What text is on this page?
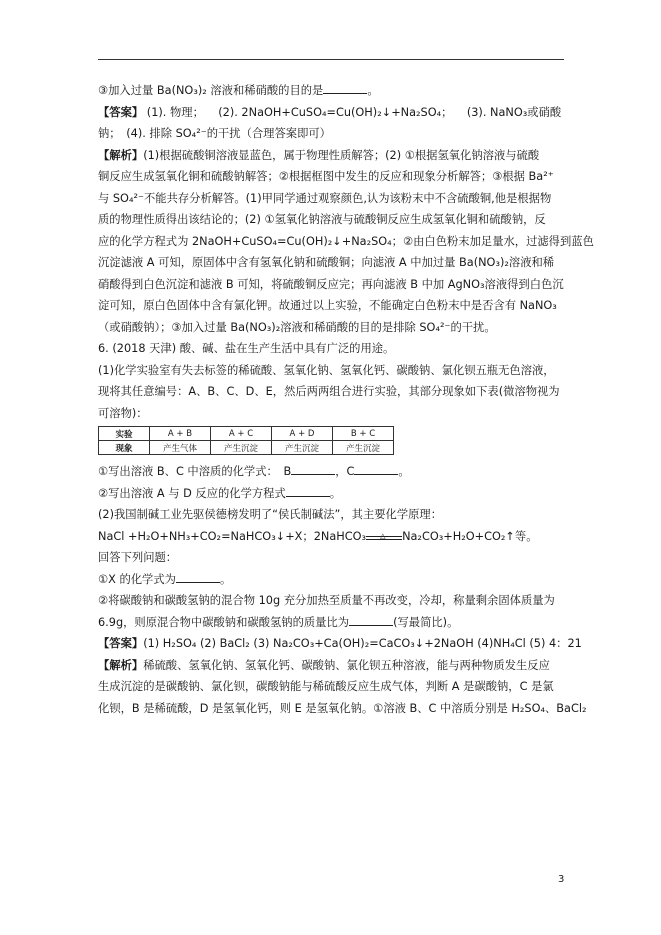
③加入过量 Ba(NO₃)₂ 溶液和稀硝酸的目的是	。

【答案】 (1). 物理； (2). 2NaOH+CuSO₄=Cu(OH)₂↓+Na₂SO₄； (3). NaNO₃或硝酸

钠；　(4). 排除 SO₄²⁻的干扰（合理答案即可）

【解析】(1)根据硫酸铜溶液显蓝色，属于物理性质解答；(2) ①根据氢氧化钠溶液与硫酸

铜反应生成氢氧化铜和硫酸钠解答；②根据框图中发生的反应和现象分析解答；③根据 Ba²⁺

与 SO₄²⁻不能共存分析解答。(1)甲同学通过观察颜色,认为该粉末中不含硫酸铜,他是根据物

质的物理性质得出该结论的；(2) ①氢氧化钠溶液与硫酸铜反应生成氢氧化铜和硫酸钠，反

应的化学方程式为 2NaOH+CuSO₄=Cu(OH)₂↓+Na₂SO₄；②由白色粉末加足量水，过滤得到蓝色

沉淀滤液 A 可知，原固体中含有氢氧化钠和硫酸铜；向滤液 A 中加过量 Ba(NO₃)₂溶液和稀

硝酸得到白色沉淀和滤液 B 可知，将硫酸铜反应完；再向滤液 B 中加 AgNO₃溶液得到白色沉

淀可知，原白色固体中含有氯化钾。故通过以上实验，不能确定白色粉末中是否含有 NaNO₃

（或硝酸钠）；③加入过量 Ba(NO₃)₂溶液和稀硝酸的目的是排除 SO₄²⁻的干扰。

6. (2018 天津) 酸、碱、盐在生产生活中具有广泛的用途。

(1)化学实验室有失去标签的稀硫酸、氢氧化钠、氢氧化钙、碳酸钠、氯化钡五瓶无色溶液，

现将其任意编号：A、B、C、D、E，然后两两组合进行实验，其部分现象如下表(微溶物视为

可溶物)：

实验	A + B	A + C	A + D	B + C
现象	产生气体	产生沉淀	产生沉淀	产生沉淀

①写出溶液 B、C 中溶质的化学式：　B	，C	。

②写出溶液 A 与 D 反应的化学方程式	。

(2)我国制碱工业先驱侯德榜发明了“侯氏制碱法”，其主要化学原理：

NaCl +H₂O+NH₃+CO₂=NaHCO₃↓+X；2NaHCO₃	Na₂CO₃+H₂O+CO₂↑等。

回答下列问题：

①X 的化学式为	。

②将碳酸钠和碳酸氢钠的混合物 10g 充分加热至质量不再改变，冷却，称量剩余固体质量为

6.9g，则原混合物中碳酸钠和碳酸氢钠的质量比为	(写最简比)。

【答案】(1) H₂SO₄ (2) BaCl₂ (3) Na₂CO₃+Ca(OH)₂=CaCO₃↓+2NaOH (4)NH₄Cl (5) 4：21

【解析】稀硫酸、氢氧化钠、氢氧化钙、碳酸钠、氯化钡五种溶液，能与两种物质发生反应

生成沉淀的是碳酸钠、氯化钡，碳酸钠能与稀硫酸反应生成气体，判断 A 是碳酸钠，C 是氯

化钡，B 是稀硫酸，D 是氢氧化钙，则 E 是氢氧化钠。①溶液 B、C 中溶质分别是 H₂SO₄、BaCl₂

3
